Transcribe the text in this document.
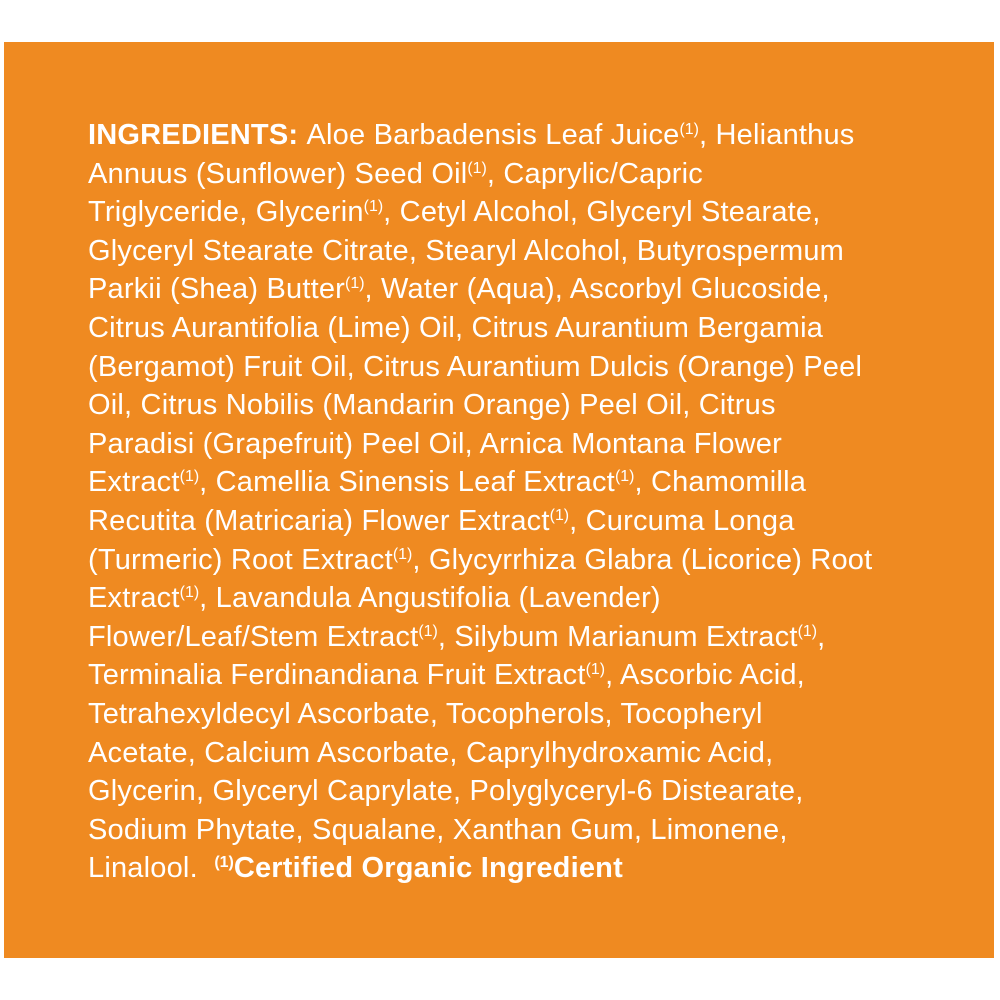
INGREDIENTS: Aloe Barbadensis Leaf Juice$^{(1)}$, Helianthus
Annuus (Sunflower) Seed Oil$^{(1)}$, Caprylic/Capric
Triglyceride, Glycerin$^{(1)}$, Cetyl Alcohol, Glyceryl Stearate,
Glyceryl Stearate Citrate, Stearyl Alcohol, Butyrospermum
Parkii (Shea) Butter$^{(1)}$, Water (Aqua), Ascorbyl Glucoside,
Citrus Aurantifolia (Lime) Oil, Citrus Aurantium Bergamia
(Bergamot) Fruit Oil, Citrus Aurantium Dulcis (Orange) Peel
Oil, Citrus Nobilis (Mandarin Orange) Peel Oil, Citrus
Paradisi (Grapefruit) Peel Oil, Arnica Montana Flower
Extract$^{(1)}$, Camellia Sinensis Leaf Extract$^{(1)}$, Chamomilla
Recutita (Matricaria) Flower Extract$^{(1)}$, Curcuma Longa
(Turmeric) Root Extract$^{(1)}$, Glycyrrhiza Glabra (Licorice) Root
Extract$^{(1)}$, Lavandula Angustifolia (Lavender)
Flower/Leaf/Stem Extract$^{(1)}$, Silybum Marianum Extract$^{(1)}$,
Terminalia Ferdinandiana Fruit Extract$^{(1)}$, Ascorbic Acid,
Tetrahexyldecyl Ascorbate, Tocopherols, Tocopheryl
Acetate, Calcium Ascorbate, Caprylhydroxamic Acid,
Glycerin, Glyceryl Caprylate, Polyglyceryl-6 Distearate,
Sodium Phytate, Squalane, Xanthan Gum, Limonene,
Linalool.  $^{(1)}$Certified Organic Ingredient
